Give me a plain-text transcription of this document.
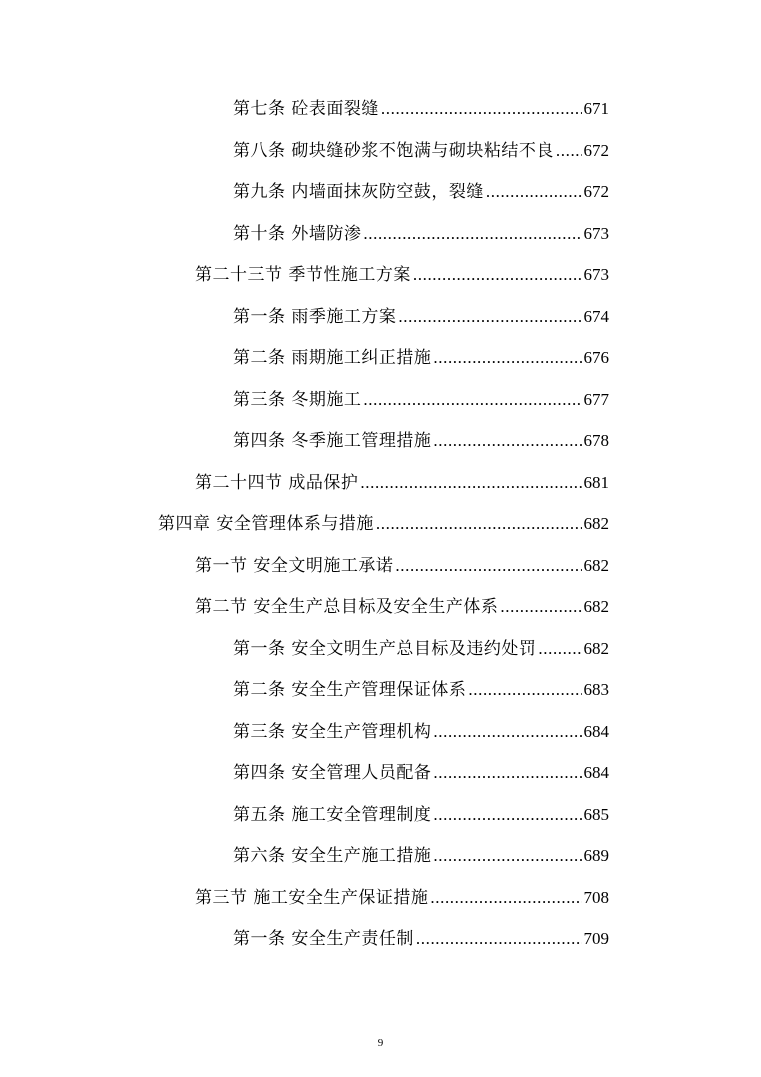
第七条 砼表面裂缝 .....	671
第八条 砌块缝砂浆不饱满与砌块粘结不良 ..... 672
第九条 内墙面抹灰防空鼓，裂缝 .....	672
第十条 外墙防渗 .....	673
第二十三节 季节性施工方案 .....	673
第一条 雨季施工方案 .....	674
第二条 雨期施工纠正措施 .....	676
第三条 冬期施工 .....	677
第四条 冬季施工管理措施 .....	678
第二十四节 成品保护 .....	681
第四章 安全管理体系与措施 .....	682
第一节 安全文明施工承诺 .....	682
第二节 安全生产总目标及安全生产体系 .....	682
第一条 安全文明生产总目标及违约处罚 .....	682
第二条 安全生产管理保证体系 .....	683
第三条 安全生产管理机构 .....	684
第四条 安全管理人员配备 .....	684
第五条 施工安全管理制度 .....	685
第六条 安全生产施工措施 .....	689
第三节 施工安全生产保证措施 .....	708
第一条 安全生产责任制 .....	709
9
